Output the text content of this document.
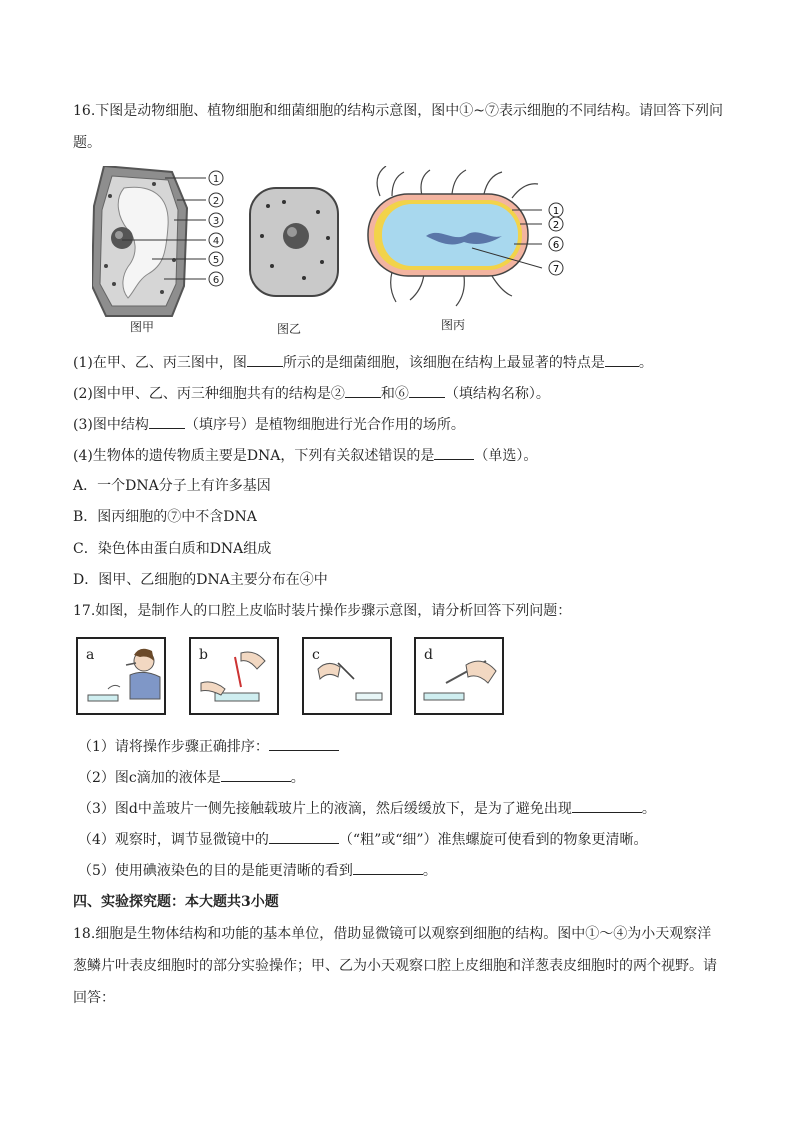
16.下图是动物细胞、植物细胞和细菌细胞的结构示意图，图中①~⑦表示细胞的不同结构。请回答下列问
题。
1
2
3
4
5
6
1
2
6
7
图甲	图乙	图丙
(1)在甲、乙、丙三图中，图	所示的是细菌细胞，该细胞在结构上最显著的特点是 。
(2)图中甲、乙、丙三种细胞共有的结构是②	和⑥	（填结构名称）。
(3)图中结构	（填序号）是植物细胞进行光合作用的场所。
(4)生物体的遗传物质主要是DNA，下列有关叙述错误的是	（单选）。
A．一个DNA分子上有许多基因
B．图丙细胞的⑦中不含DNA
C．染色体由蛋白质和DNA组成
D．图甲、乙细胞的DNA主要分布在④中
17.如图，是制作人的口腔上皮临时装片操作步骤示意图，请分析回答下列问题：
a	b	c	d
（1）请将操作步骤正确排序：
（2）图c滴加的液体是	。
（3）图d中盖玻片一侧先接触载玻片上的液滴，然后缓缓放下，是为了避免出现	。
（4）观察时，调节显微镜中的	（“粗”或“细”）准焦螺旋可使看到的物象更清晰。
（5）使用碘液染色的目的是能更清晰的看到	。
四、实验探究题：本大题共3小题
18.细胞是生物体结构和功能的基本单位，借助显微镜可以观察到细胞的结构。图中①～④为小天观察洋
葱鳞片叶表皮细胞时的部分实验操作；甲、乙为小天观察口腔上皮细胞和洋葱表皮细胞时的两个视野。请
回答：
